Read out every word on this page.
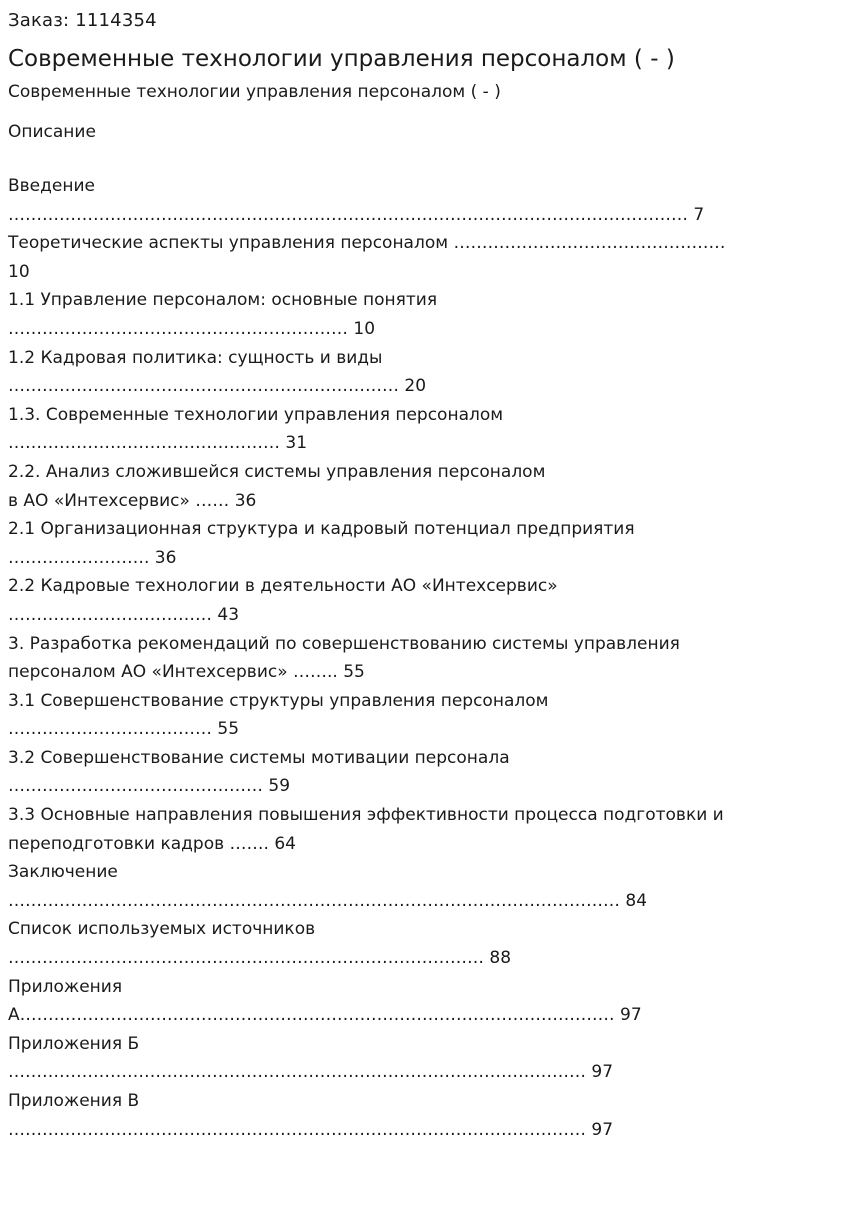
Заказ: 1114354
Современные технологии управления персоналом ( - )
Современные технологии управления персоналом ( - )
Описание

Введение

………………………………………………………………………………………………………… 7

Теоретические аспекты управления персоналом …………………………………………

10

1.1 Управление персоналом: основные понятия

…………………………………………………… 10

1.2 Кадровая политика: сущность и виды

…………………………………………………………… 20

1.3. Современные технологии управления персоналом

………………………………………… 31

2.2. Анализ сложившейся системы управления персоналом

в АО «Интехсервис» …… 36

2.1 Организационная структура и кадровый потенциал предприятия

……………………. 36

2.2 Кадровые технологии в деятельности АО «Интехсервис»

……………………………… 43

3. Разработка рекомендаций по совершенствованию системы управления

персоналом АО «Интехсервис» …….. 55

3.1 Совершенствование структуры управления персоналом

……………………………… 55

3.2 Совершенствование системы мотивации персонала

……………………………………… 59

3.3 Основные направления повышения эффективности процесса подготовки и

переподготовки кадров ……. 64

Заключение

……………………………………………………………………………………………… 84

Список используемых источников

………………………………………………………………………… 88

Приложения

А…………………………………………………………………………………………… 97

Приложения Б

………………………………………………………………………………………… 97

Приложения В

………………………………………………………………………………………… 97
